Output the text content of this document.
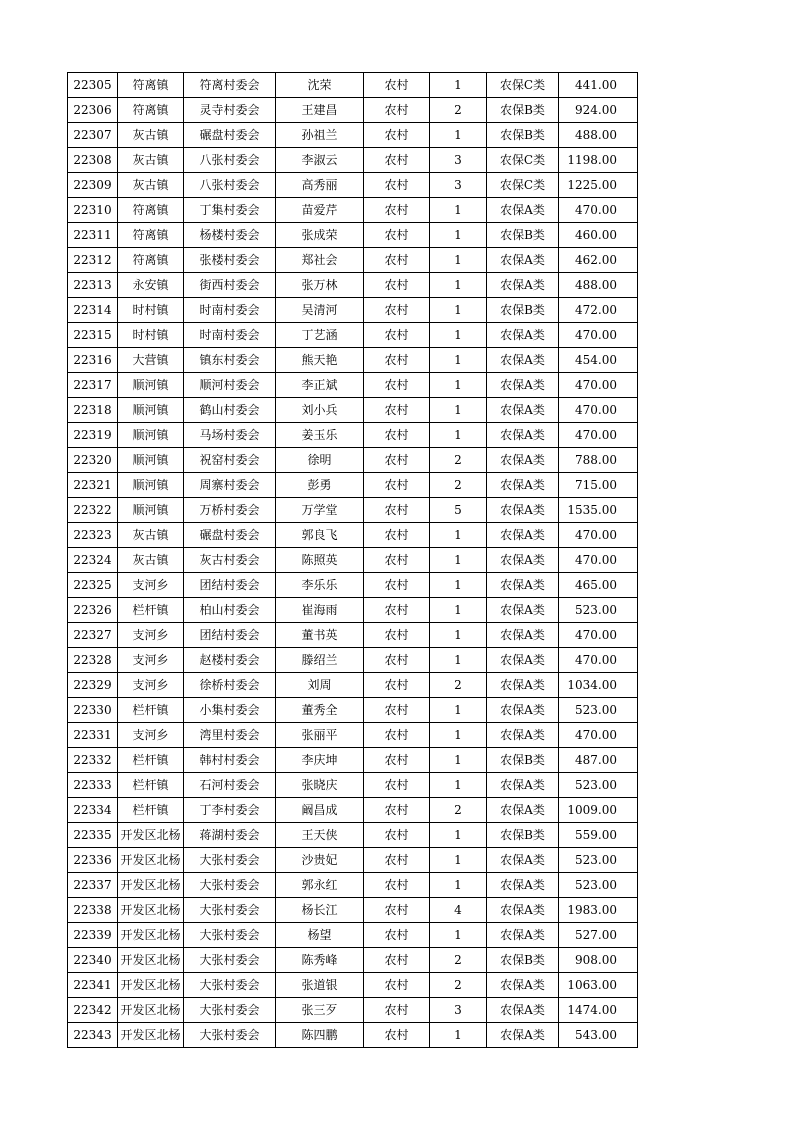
22305	符离镇	符离村委会	沈荣	农村	1	农保C类	441.00
22306	符离镇	灵寺村委会	王建昌	农村	2	农保B类	924.00
22307	灰古镇	碾盘村委会	孙祖兰	农村	1	农保B类	488.00
22308	灰古镇	八张村委会	李淑云	农村	3	农保C类	1198.00
22309	灰古镇	八张村委会	高秀丽	农村	3	农保C类	1225.00
22310	符离镇	丁集村委会	苗爱芹	农村	1	农保A类	470.00
22311	符离镇	杨楼村委会	张成荣	农村	1	农保B类	460.00
22312	符离镇	张楼村委会	郑社会	农村	1	农保A类	462.00
22313	永安镇	街西村委会	张万林	农村	1	农保A类	488.00
22314	时村镇	时南村委会	吴清河	农村	1	农保B类	472.00
22315	时村镇	时南村委会	丁艺涵	农村	1	农保A类	470.00
22316	大营镇	镇东村委会	熊天艳	农村	1	农保A类	454.00
22317	顺河镇	顺河村委会	李正斌	农村	1	农保A类	470.00
22318	顺河镇	鹤山村委会	刘小兵	农村	1	农保A类	470.00
22319	顺河镇	马场村委会	姜玉乐	农村	1	农保A类	470.00
22320	顺河镇	祝窑村委会	徐明	农村	2	农保A类	788.00
22321	顺河镇	周寨村委会	彭勇	农村	2	农保A类	715.00
22322	顺河镇	万桥村委会	万学堂	农村	5	农保A类	1535.00
22323	灰古镇	碾盘村委会	郭良飞	农村	1	农保A类	470.00
22324	灰古镇	灰古村委会	陈照英	农村	1	农保A类	470.00
22325	支河乡	团结村委会	李乐乐	农村	1	农保A类	465.00
22326	栏杆镇	柏山村委会	崔海雨	农村	1	农保A类	523.00
22327	支河乡	团结村委会	董书英	农村	1	农保A类	470.00
22328	支河乡	赵楼村委会	滕绍兰	农村	1	农保A类	470.00
22329	支河乡	徐桥村委会	刘周	农村	2	农保A类	1034.00
22330	栏杆镇	小集村委会	董秀全	农村	1	农保A类	523.00
22331	支河乡	湾里村委会	张丽平	农村	1	农保A类	470.00
22332	栏杆镇	韩村村委会	李庆坤	农村	1	农保B类	487.00
22333	栏杆镇	石河村委会	张晓庆	农村	1	农保A类	523.00
22334	栏杆镇	丁李村委会	阚昌成	农村	2	农保A类	1009.00
22335	开发区北杨	蒋湖村委会	王天侠	农村	1	农保B类	559.00
22336	开发区北杨	大张村委会	沙贵妃	农村	1	农保A类	523.00
22337	开发区北杨	大张村委会	郭永红	农村	1	农保A类	523.00
22338	开发区北杨	大张村委会	杨长江	农村	4	农保A类	1983.00
22339	开发区北杨	大张村委会	杨望	农村	1	农保A类	527.00
22340	开发区北杨	大张村委会	陈秀峰	农村	2	农保B类	908.00
22341	开发区北杨	大张村委会	张道银	农村	2	农保A类	1063.00
22342	开发区北杨	大张村委会	张三歹	农村	3	农保A类	1474.00
22343	开发区北杨	大张村委会	陈四鹏	农村	1	农保A类	543.00
